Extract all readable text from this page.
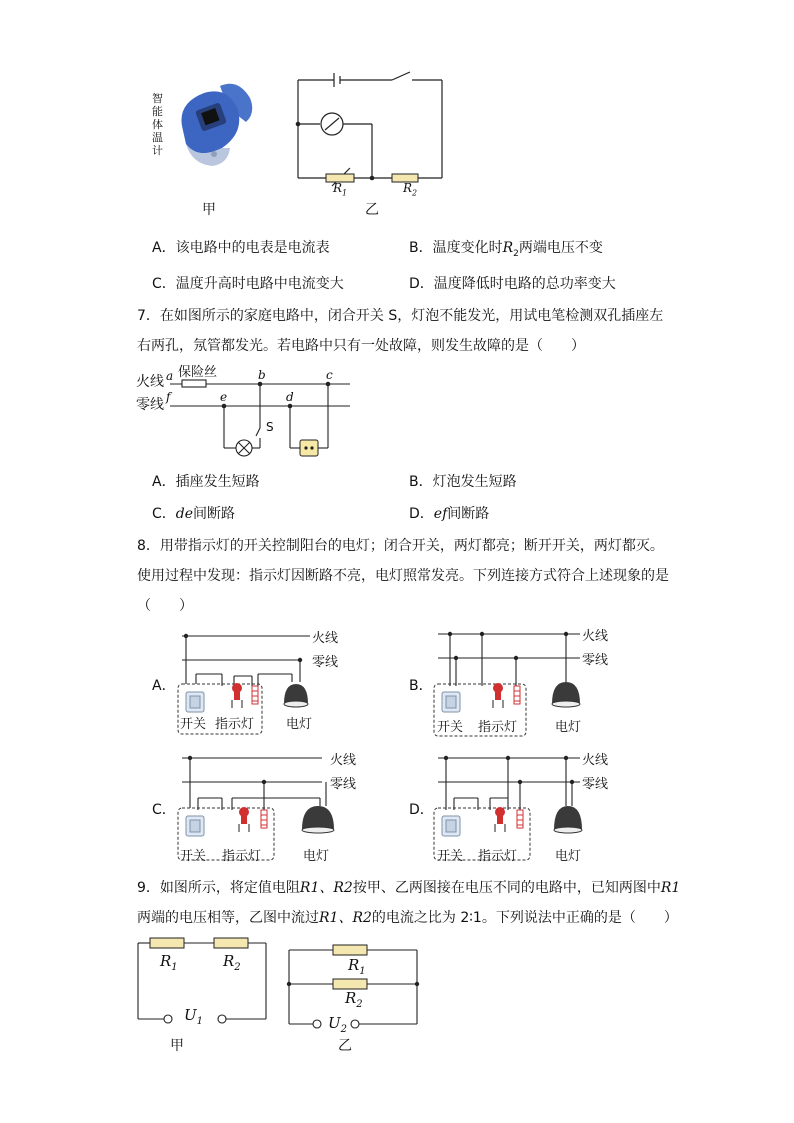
智能体温计
甲
$R_1$	$R_2$
乙
A．该电路中的电表是电流表	B．温度变化时$R_2$两端电压不变
C．温度升高时电路中电流变大	D．温度降低时电路的总功率变大
7．在如图所示的家庭电路中，闭合开关 S，灯泡不能发光，用试电笔检测双孔插座左
右两孔，氖管都发光。若电路中只有一处故障，则发生故障的是（　　）
火线
零线
a
f
保险丝	b	c
e	d
S
A．插座发生短路	B．灯泡发生短路
C．de间断路	D．ef间断路
8．用带指示灯的开关控制阳台的电灯；闭合开关，两灯都亮；断开开关，两灯都灭。
使用过程中发现：指示灯因断路不亮，电灯照常发亮。下列连接方式符合上述现象的是
（　　）
A．
火线
零线
开关 指示灯 电灯
B．
火线
零线
开关 指示灯	电灯
C．
火线
零线
开关 指示灯	电灯
D．
火线
零线
开关 指示灯	电灯
9．如图所示，将定值电阻R1、R2按甲、乙两图接在电压不同的电路中，已知两图中R1
两端的电压相等，乙图中流过R1、R2的电流之比为 2∶1。下列说法中正确的是（　　）
$R_1$	$R_2$
$U_1$
甲
$R_1$
$R_2$
$U_2$
乙
